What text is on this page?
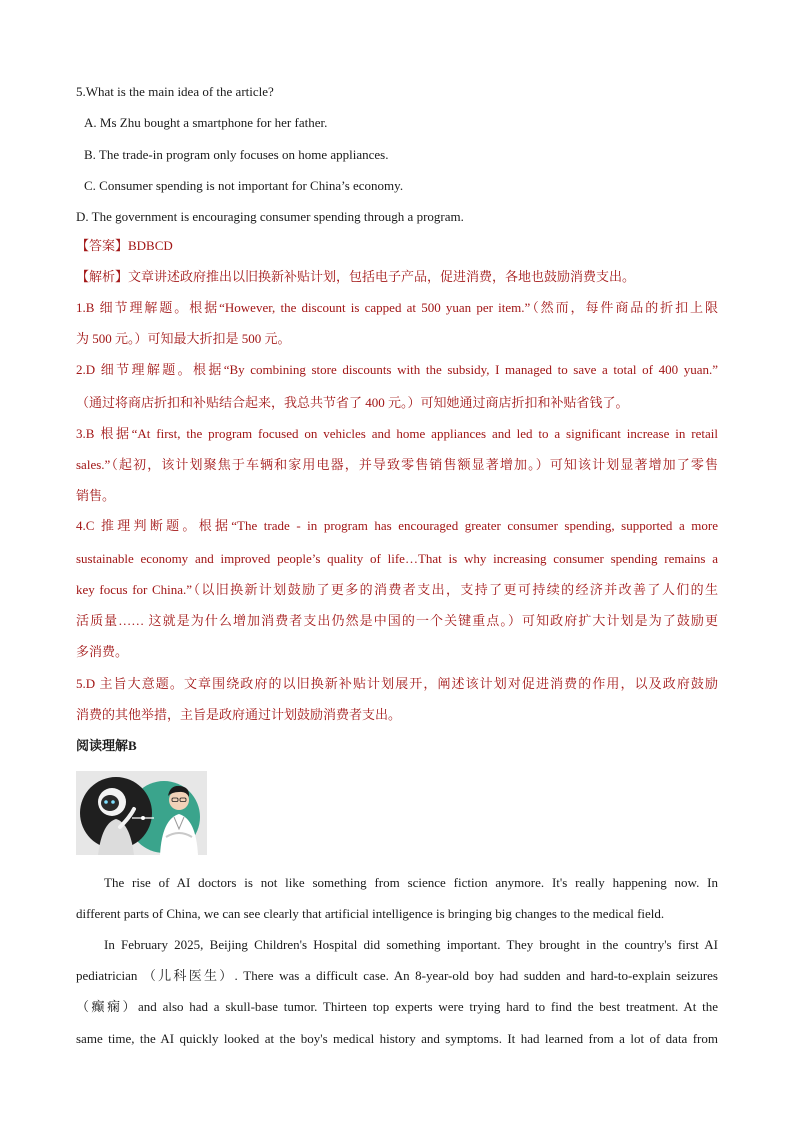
5.What is the main idea of the article?
A. Ms Zhu bought a smartphone for her father.
B. The trade-in program only focuses on home appliances.
C. Consumer spending is not important for China’s economy.
D. The government is encouraging consumer spending through a program.
【答案】BDBCD
【解析】文章讲述政府推出以旧换新补贴计划，包括电子产品，促进消费，各地也鼓励消费支出。
1.B 细节理解题。根据“However, the discount is capped at 500 yuan per item.”（然而，每件商品的折扣上限
为 500 元。）可知最大折扣是 500 元。
2.D 细节理解题。根据“By combining store discounts with the subsidy, I managed to save a total of 400 yuan.”
（通过将商店折扣和补贴结合起来，我总共节省了 400 元。）可知她通过商店折扣和补贴省钱了。
3.B 根据“At first, the program focused on vehicles and home appliances and led to a significant increase in retail
sales.”（起初，该计划聚焦于车辆和家用电器，并导致零售销售额显著增加。）可知该计划显著增加了零售
销售。
4.C 推理判断题。根据“The trade - in program has encouraged greater consumer spending, supported a more
sustainable economy and improved people’s quality of life…That is why increasing consumer spending remains a
key focus for China.”（以旧换新计划鼓励了更多的消费者支出，支持了更可持续的经济并改善了人们的生
活质量…… 这就是为什么增加消费者支出仍然是中国的一个关键重点。）可知政府扩大计划是为了鼓励更
多消费。
5.D 主旨大意题。文章围绕政府的以旧换新补贴计划展开，阐述该计划对促进消费的作用，以及政府鼓励
消费的其他举措，主旨是政府通过计划鼓励消费者支出。
阅读理解B
The rise of AI doctors is not like something from science fiction anymore. It's really happening now. In
different parts of China, we can see clearly that artificial intelligence is bringing big changes to the medical field.
In February 2025, Beijing Children's Hospital did something important. They brought in the country's first AI
pediatrician （儿科医生）. There was a difficult case. An 8-year-old boy had sudden and hard-to-explain seizures
（癫痫）and also had a skull-base tumor. Thirteen top experts were trying hard to find the best treatment. At the
same time, the AI quickly looked at the boy's medical history and symptoms. It had learned from a lot of data from
